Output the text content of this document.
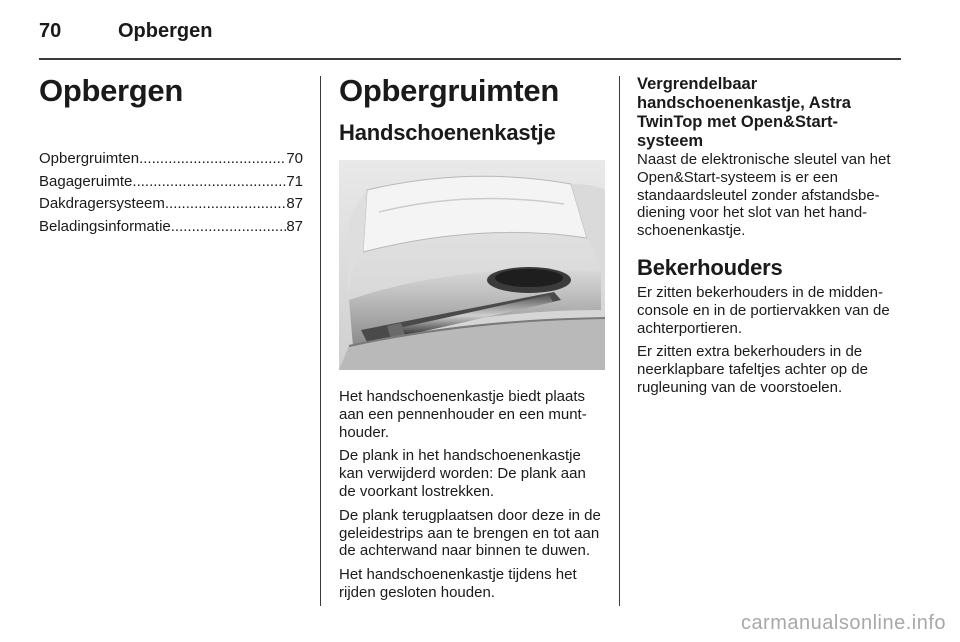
70	Opbergen
Opbergen
Opbergruimten .....	70
Bagageruimte .....	71
Dakdragersysteem .....	87
Beladingsinformatie .....	87
Opbergruimten
Handschoenenkastje

Het handschoenenkastje biedt plaats aan een pennenhouder en een munthouder.

De plank in het handschoenenkastje kan verwijderd worden: De plank aan de voorkant lostrekken.

De plank terugplaatsen door deze in de geleidestrips aan te brengen en tot aan de achterwand naar binnen te duwen.

Het handschoenenkastje tijdens het rijden gesloten houden.

Vergrendelbaar handschoenenkastje, Astra TwinTop met Open&Start-systeem

Naast de elektronische sleutel van het Open&Start-systeem is er een standaardsleutel zonder afstandsbediening voor het slot van het handschoenenkastje.

Bekerhouders

Er zitten bekerhouders in de middenconsole en in de portiervakken van de achterportieren.

Er zitten extra bekerhouders in de neerklapbare tafeltjes achter op de rugleuning van de voorstoelen.

carmanualsonline.info
